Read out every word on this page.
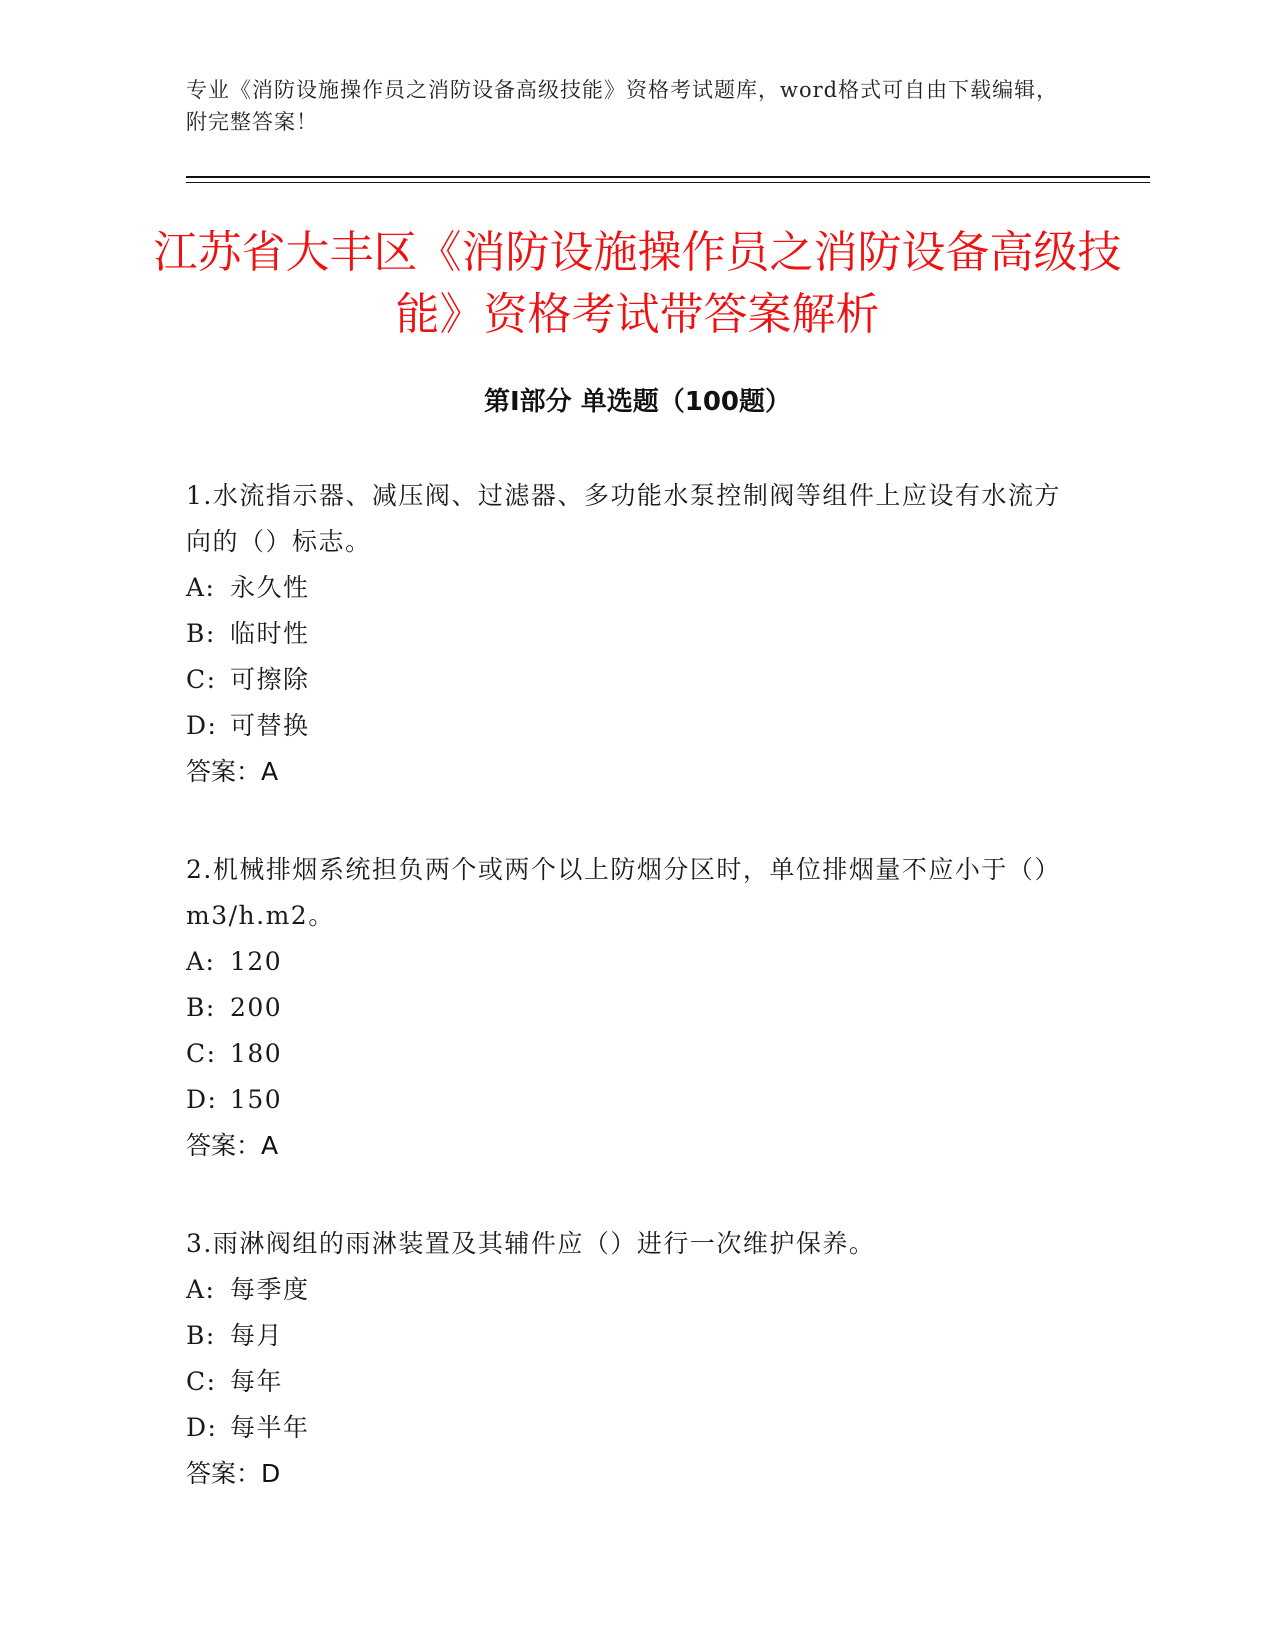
专业《消防设施操作员之消防设备高级技能》资格考试题库，word格式可自由下载编辑，附完整答案！
江苏省大丰区《消防设施操作员之消防设备高级技能》资格考试带答案解析
第Ⅰ部分 单选题（100题）
1.水流指示器、减压阀、过滤器、多功能水泵控制阀等组件上应设有水流方向的（）标志。
A: 永久性
B: 临时性
C: 可擦除
D: 可替换
答案：A
2.机械排烟系统担负两个或两个以上防烟分区时，单位排烟量不应小于（）m3/h.m2。
A: 120
B: 200
C: 180
D: 150
答案：A
3.雨淋阀组的雨淋装置及其辅件应（）进行一次维护保养。
A: 每季度
B: 每月
C: 每年
D: 每半年
答案：D
